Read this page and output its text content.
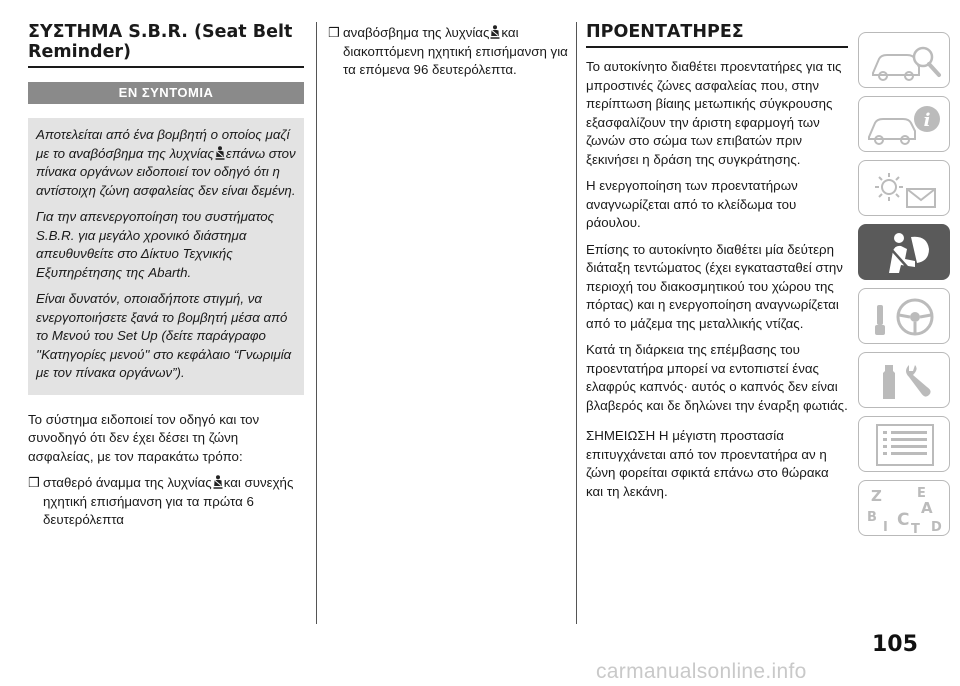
ΣΥΣΤΗΜΑ S.B.R. (Seat Belt Reminder)
ΕΝ ΣΥΝΤΟΜΙΑ

Αποτελείται από ένα βομβητή ο οποίος μαζί με το αναβόσβημα της λυχνίας επάνω στον πίνακα οργάνων ειδοποιεί τον οδηγό ότι η αντίστοιχη ζώνη ασφαλείας δεν είναι δεμένη.

Για την απενεργοποίηση του συστήματος S.B.R. για μεγάλο χρονικό διάστημα απευθυνθείτε στο Δίκτυο Τεχνικής Εξυπηρέτησης της Abarth.

Είναι δυνατόν, οποιαδήποτε στιγμή, να ενεργοποιήσετε ξανά το βομβητή μέσα από το Μενού του Set Up (δείτε παράγραφο ''Κατηγορίες μενού'' στο κεφάλαιο “Γνωριμία με τον πίνακα οργάνων”).

Το σύστημα ειδοποιεί τον οδηγό και τον συνοδηγό ότι δεν έχει δέσει τη ζώνη ασφαλείας, με τον παρακάτω τρόπο:

❒ σταθερό άναμμα της λυχνίας και συνεχής ηχητική επισήμανση για τα πρώτα 6 δευτερόλεπτα
❒ αναβόσβημα της λυχνίας και διακοπτόμενη ηχητική επισήμανση για τα επόμενα 96 δευτερόλεπτα.
ΠΡΟΕΝΤΑΤΗΡΕΣ

Το αυτοκίνητο διαθέτει προεντατήρες για τις μπροστινές ζώνες ασφαλείας που, στην περίπτωση βίαιης μετωπικής σύγκρουσης εξασφαλίζουν την άριστη εφαρμογή των ζωνών στο σώμα των επιβατών πριν ξεκινήσει η δράση της συγκράτησης.

Η ενεργοποίηση των προεντατήρων αναγνωρίζεται από το κλείδωμα του ράουλου.

Επίσης το αυτοκίνητο διαθέτει μία δεύτερη διάταξη τεντώματος (έχει εγκατασταθεί στην περιοχή του διακοσμητικού του χώρου της πόρτας) και η ενεργοποίηση αναγνωρίζεται από το μάζεμα της μεταλλικής ντίζας.

Κατά τη διάρκεια της επέμβασης του προεντατήρα μπορεί να εντοπιστεί ένας ελαφρύς καπνός· αυτός ο καπνός δεν είναι βλαβερός και δε δηλώνει την έναρξη φωτιάς.

ΣΗΜΕΙΩΣΗ Η μέγιστη προστασία επιτυγχάνεται από τον προεντατήρα αν η ζώνη φορείται σφικτά επάνω στο θώρακα και τη λεκάνη.

i
Z	E
A
B
I C T D
105
carmanualsonline.info
